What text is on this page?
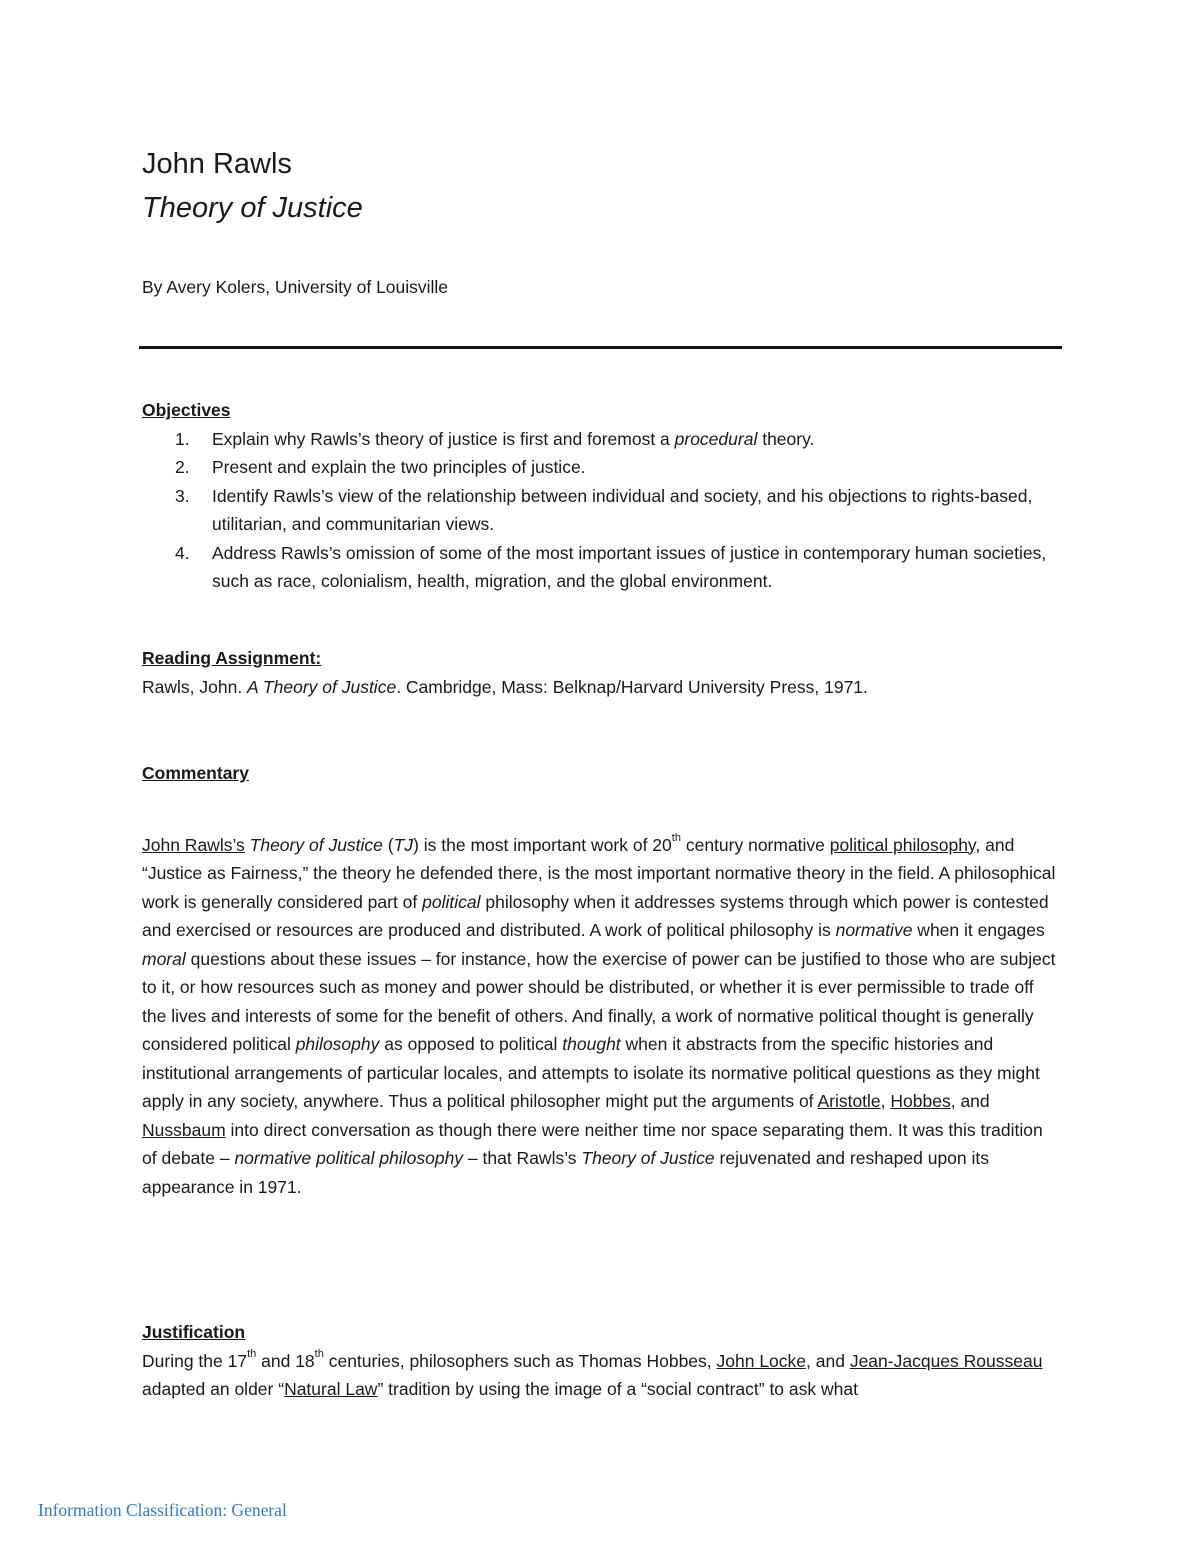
John Rawls
Theory of Justice
By Avery Kolers, University of Louisville
Objectives
1. Explain why Rawls’s theory of justice is first and foremost a procedural theory.
2. Present and explain the two principles of justice.
3. Identify Rawls’s view of the relationship between individual and society, and his objections to rights-based, utilitarian, and communitarian views.
4. Address Rawls’s omission of some of the most important issues of justice in contemporary human societies, such as race, colonialism, health, migration, and the global environment.
Reading Assignment:

Rawls, John. A Theory of Justice. Cambridge, Mass: Belknap/Harvard University Press, 1971.

Commentary

John Rawls’s Theory of Justice (TJ) is the most important work of 20th century normative political philosophy, and “Justice as Fairness,” the theory he defended there, is the most important normative theory in the field. A philosophical work is generally considered part of political philosophy when it addresses systems through which power is contested and exercised or resources are produced and distributed. A work of political philosophy is normative when it engages moral questions about these issues – for instance, how the exercise of power can be justified to those who are subject to it, or how resources such as money and power should be distributed, or whether it is ever permissible to trade off the lives and interests of some for the benefit of others. And finally, a work of normative political thought is generally considered political philosophy as opposed to political thought when it abstracts from the specific histories and institutional arrangements of particular locales, and attempts to isolate its normative political questions as they might apply in any society, anywhere. Thus a political philosopher might put the arguments of Aristotle, Hobbes, and Nussbaum into direct conversation as though there were neither time nor space separating them. It was this tradition of debate – normative political philosophy – that Rawls’s Theory of Justice rejuvenated and reshaped upon its appearance in 1971.

Justification

During the 17th and 18th centuries, philosophers such as Thomas Hobbes, John Locke, and Jean-Jacques Rousseau adapted an older “Natural Law” tradition by using the image of a “social contract” to ask what

Information Classification: General
